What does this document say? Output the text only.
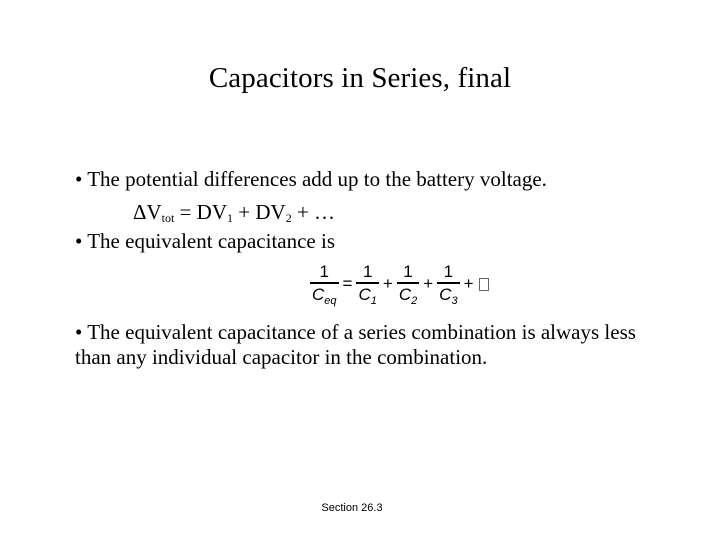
Capacitors in Series, final
• The potential differences add up to the battery voltage.
$\Delta V_{tot} = DV_1 + DV_2$ + …
• The equivalent capacitance is
$\frac{1}{C_{eq}} = \frac{1}{C_1} + \frac{1}{C_2} + \frac{1}{C_3}$ +
• The equivalent capacitance of a series combination is always less
than any individual capacitor in the combination.
Section 26.3
